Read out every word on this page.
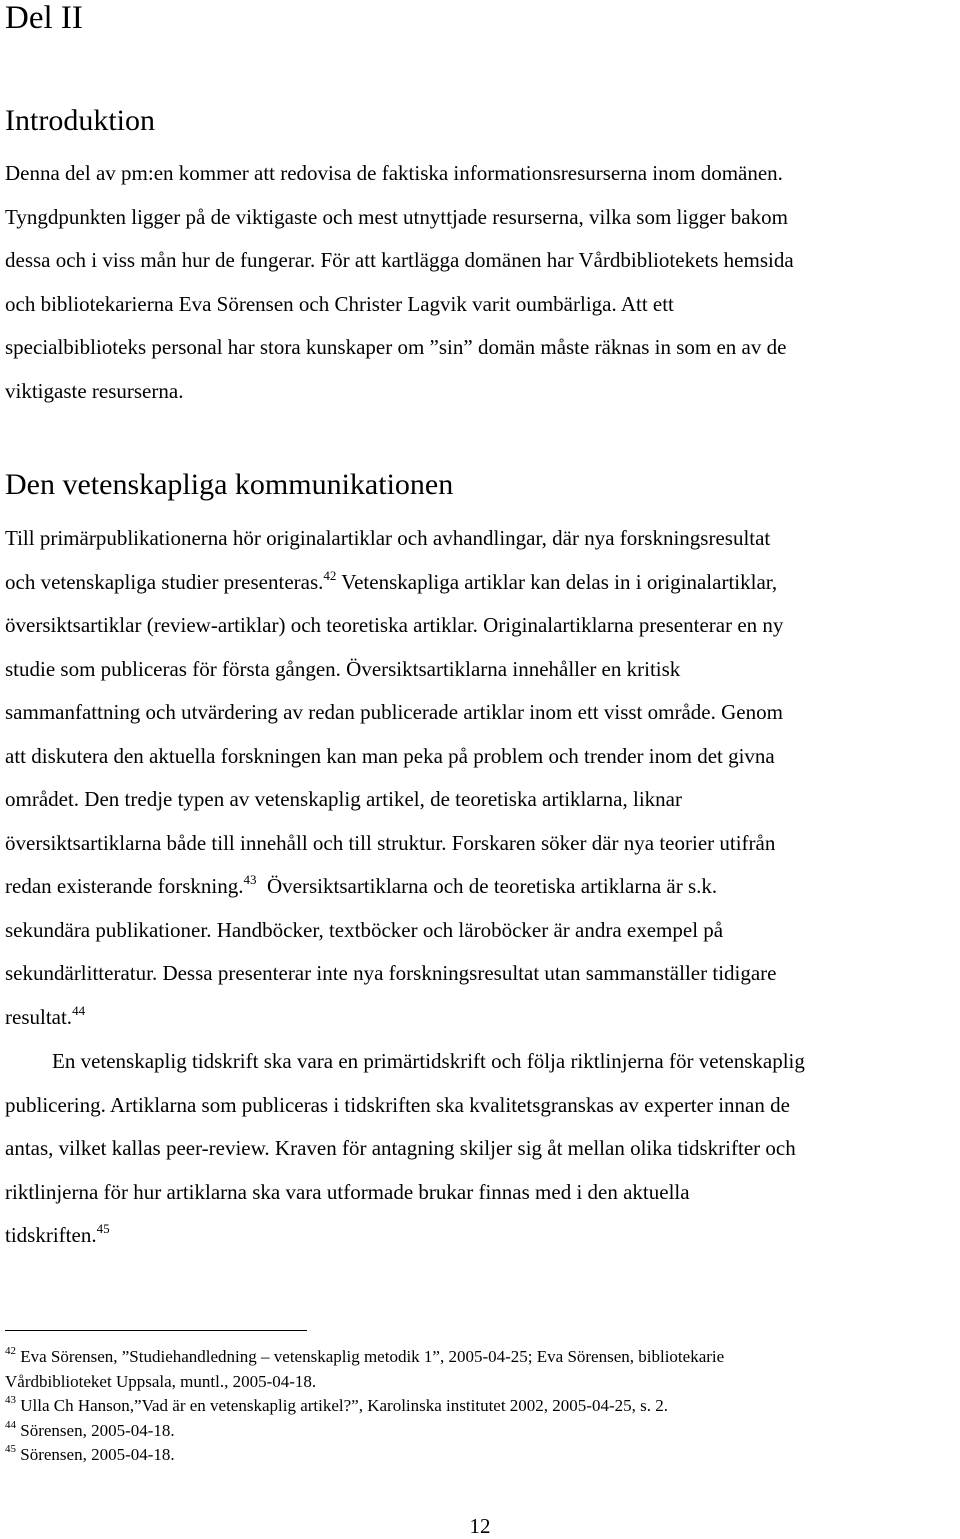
Del II
Introduktion
Denna del av pm:en kommer att redovisa de faktiska informationsresurserna inom domänen.
Tyngdpunkten ligger på de viktigaste och mest utnyttjade resurserna, vilka som ligger bakom
dessa och i viss mån hur de fungerar. För att kartlägga domänen har Vårdbibliotekets hemsida
och bibliotekarierna Eva Sörensen och Christer Lagvik varit oumbärliga. Att ett
specialbiblioteks personal har stora kunskaper om ”sin” domän måste räknas in som en av de
viktigaste resurserna.
Den vetenskapliga kommunikationen
Till primärpublikationerna hör originalartiklar och avhandlingar, där nya forskningsresultat
och vetenskapliga studier presenteras.$^{42}$ Vetenskapliga artiklar kan delas in i originalartiklar,
översiktsartiklar (review-artiklar) och teoretiska artiklar. Originalartiklarna presenterar en ny
studie som publiceras för första gången. Översiktsartiklarna innehåller en kritisk
sammanfattning och utvärdering av redan publicerade artiklar inom ett visst område. Genom
att diskutera den aktuella forskningen kan man peka på problem och trender inom det givna
området. Den tredje typen av vetenskaplig artikel, de teoretiska artiklarna, liknar
översiktsartiklarna både till innehåll och till struktur. Forskaren söker där nya teorier utifrån
redan existerande forskning.$^{43}$  Översiktsartiklarna och de teoretiska artiklarna är s.k.
sekundära publikationer. Handböcker, textböcker och läroböcker är andra exempel på
sekundärlitteratur. Dessa presenterar inte nya forskningsresultat utan sammanställer tidigare
resultat.$^{44}$
En vetenskaplig tidskrift ska vara en primärtidskrift och följa riktlinjerna för vetenskaplig
publicering. Artiklarna som publiceras i tidskriften ska kvalitetsgranskas av experter innan de
antas, vilket kallas peer-review. Kraven för antagning skiljer sig åt mellan olika tidskrifter och
riktlinjerna för hur artiklarna ska vara utformade brukar finnas med i den aktuella
tidskriften.$^{45}$
$^{42}$ Eva Sörensen, ”Studiehandledning – vetenskaplig metodik 1”, 2005-04-25; Eva Sörensen, bibliotekarie
Vårdbiblioteket Uppsala, muntl., 2005-04-18.
$^{43}$ Ulla Ch Hanson,”Vad är en vetenskaplig artikel?”, Karolinska institutet 2002, 2005-04-25, s. 2.
$^{44}$ Sörensen, 2005-04-18.
$^{45}$ Sörensen, 2005-04-18.
12
